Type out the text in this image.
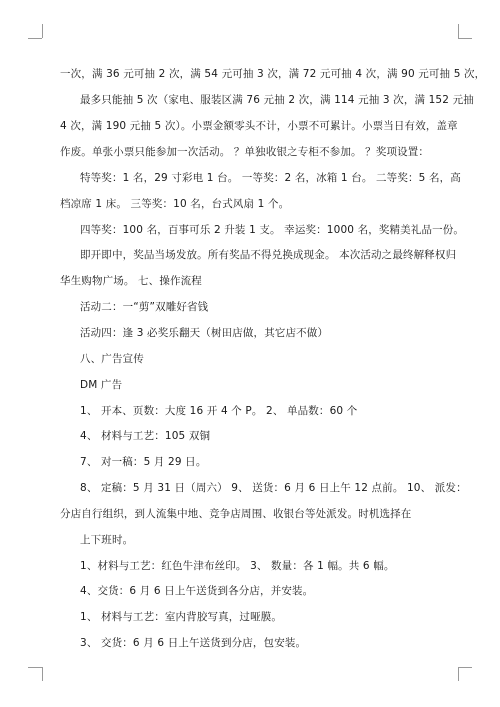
一次，满 36 元可抽 2 次，满 54 元可抽 3 次，满 72 元可抽 4 次，满 90 元可抽 5 次，
最多只能抽 5 次（家电、服装区满 76 元抽 2 次，满 114 元抽 3 次，满 152 元抽
4 次，满 190 元抽 5 次）。小票金额零头不计，小票不可累计。小票当日有效，盖章
作废。单张小票只能参加一次活动。 ？单独收银之专柜不参加。 ？奖项设置：
特等奖：1 名，29 寸彩电 1 台。 一等奖：2 名，冰箱 1 台。 二等奖：5 名，高
档凉席 1 床。 三等奖：10 名，台式风扇 1 个。
四等奖：100 名，百事可乐 2 升装 1 支。 幸运奖：1000 名，奖精美礼品一份。
即开即中，奖品当场发放。所有奖品不得兑换成现金。 本次活动之最终解释权归
华生购物广场。 七、操作流程
活动二：一“剪”双雕好省钱
活动四：逢 3 必奖乐翻天（树田店做，其它店不做）
八、广告宣传
DM 广告
1、 开本、页数：大度 16 开 4 个 P。 2、 单品数：60 个
4、 材料与工艺：105 双铜
7、 对一稿：5 月 29 日。
8、 定稿：5 月 31 日（周六） 9、 送货：6 月 6 日上午 12 点前。 10、 派发：
分店自行组织，到人流集中地、竞争店周围、收银台等处派发。时机选择在
上下班时。
1、材料与工艺：红色牛津布丝印。 3、 数量：各 1 幅。共 6 幅。
4、交货：6 月 6 日上午送货到各分店，并安装。
1、 材料与工艺：室内背胶写真，过哑膜。
3、 交货：6 月 6 日上午送货到分店，包安装。
